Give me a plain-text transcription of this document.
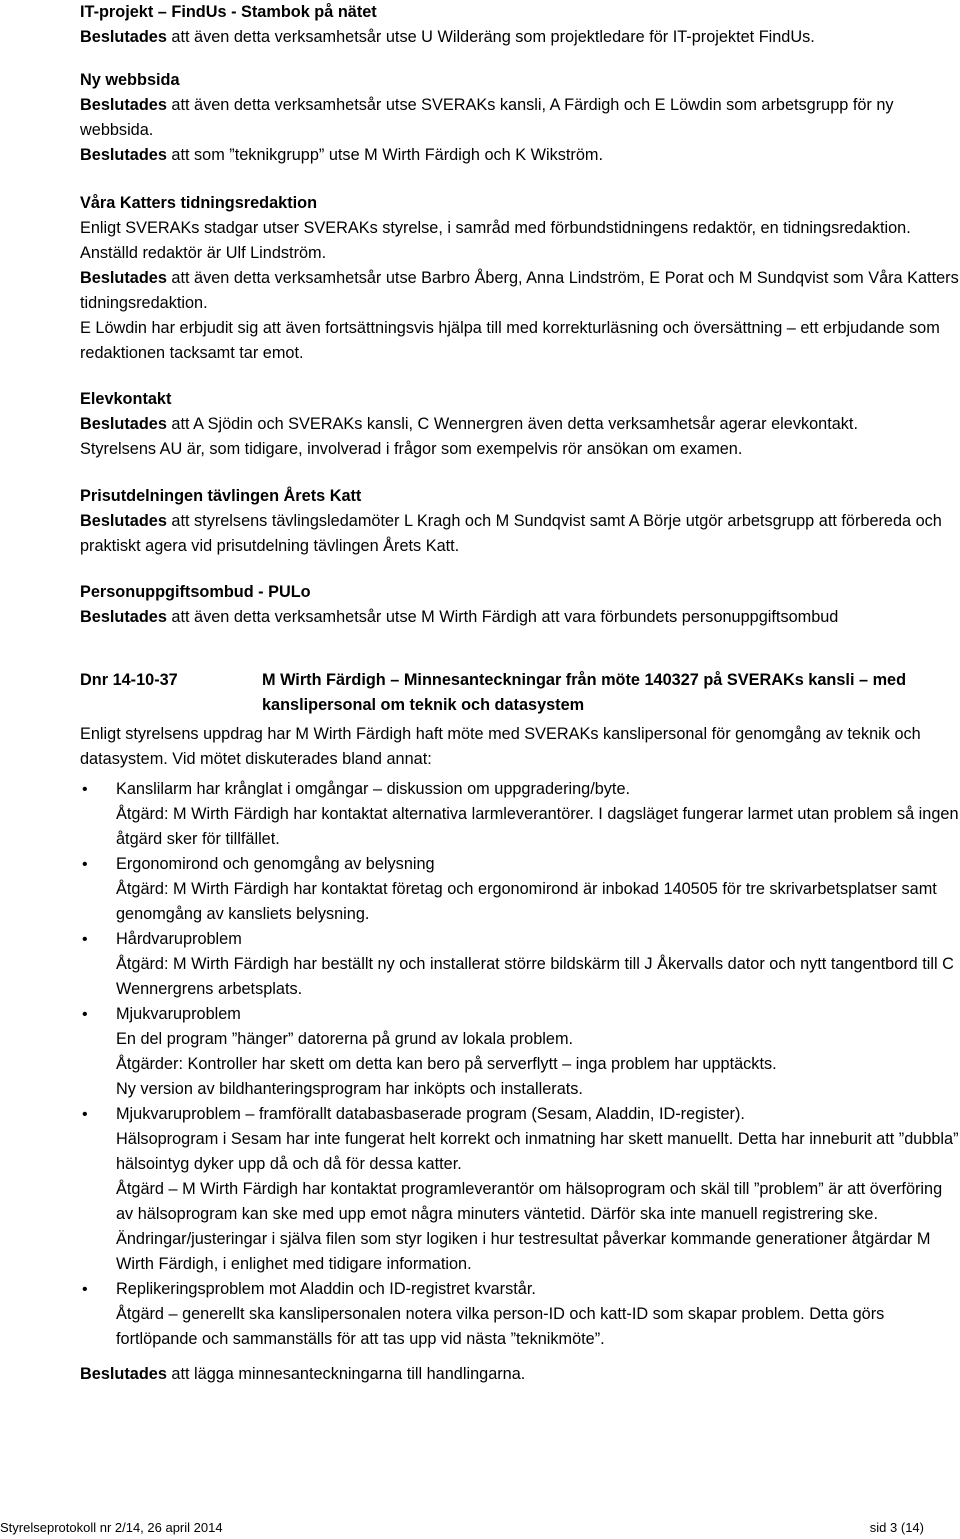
IT-projekt – FindUs - Stambok på nätet

Beslutades att även detta verksamhetsår utse U Wilderäng som projektledare för IT-projektet FindUs.

Ny webbsida

Beslutades att även detta verksamhetsår utse SVERAKs kansli, A Färdigh och E Löwdin som arbetsgrupp för ny webbsida.

Beslutades att som ”teknikgrupp” utse M Wirth Färdigh och K Wikström.

Våra Katters tidningsredaktion

Enligt SVERAKs stadgar utser SVERAKs styrelse, i samråd med förbundstidningens redaktör, en tidningsredaktion. Anställd redaktör är Ulf Lindström.

Beslutades att även detta verksamhetsår utse Barbro Åberg, Anna Lindström, E Porat och M Sundqvist som Våra Katters tidningsredaktion.

E Löwdin har erbjudit sig att även fortsättningsvis hjälpa till med korrekturläsning och översättning – ett erbjudande som redaktionen tacksamt tar emot.

Elevkontakt

Beslutades att A Sjödin och SVERAKs kansli, C Wennergren även detta verksamhetsår agerar elevkontakt.

Styrelsens AU är, som tidigare, involverad i frågor som exempelvis rör ansökan om examen.

Prisutdelningen tävlingen Årets Katt

Beslutades att styrelsens tävlingsledamöter L Kragh och M Sundqvist samt A Börje utgör arbetsgrupp att förbereda och praktiskt agera vid prisutdelning tävlingen Årets Katt.

Personuppgiftsombud - PULo

Beslutades att även detta verksamhetsår utse M Wirth Färdigh att vara förbundets personuppgiftsombud

Dnr 14-10-37	M Wirth Färdigh – Minnesanteckningar från möte 140327 på SVERAKs kansli – med kanslipersonal om teknik och datasystem

Enligt styrelsens uppdrag har M Wirth Färdigh haft möte med SVERAKs kanslipersonal för genomgång av teknik och datasystem. Vid mötet diskuterades bland annat:

• Kanslilarm har krånglat i omgångar – diskussion om uppgradering/byte.

Åtgärd: M Wirth Färdigh har kontaktat alternativa larmleverantörer. I dagsläget fungerar larmet utan problem så ingen åtgärd sker för tillfället.

• Ergonomirond och genomgång av belysning

Åtgärd: M Wirth Färdigh har kontaktat företag och ergonomirond är inbokad 140505 för tre skrivarbetsplatser samt genomgång av kansliets belysning.

• Hårdvaruproblem

Åtgärd: M Wirth Färdigh har beställt ny och installerat större bildskärm till J Åkervalls dator och nytt tangentbord till C Wennergrens arbetsplats.

• Mjukvaruproblem

En del program ”hänger” datorerna på grund av lokala problem.

Åtgärder: Kontroller har skett om detta kan bero på serverflytt – inga problem har upptäckts.

Ny version av bildhanteringsprogram har inköpts och installerats.

• Mjukvaruproblem – framförallt databasbaserade program (Sesam, Aladdin, ID-register).

Hälsoprogram i Sesam har inte fungerat helt korrekt och inmatning har skett manuellt. Detta har inneburit att ”dubbla” hälsointyg dyker upp då och då för dessa katter.

Åtgärd – M Wirth Färdigh har kontaktat programleverantör om hälsoprogram och skäl till ”problem” är att överföring av hälsoprogram kan ske med upp emot några minuters väntetid. Därför ska inte manuell registrering ske. Ändringar/justeringar i själva filen som styr logiken i hur testresultat påverkar kommande generationer åtgärdar M Wirth Färdigh, i enlighet med tidigare information.

• Replikeringsproblem mot Aladdin och ID-registret kvarstår.

Åtgärd – generellt ska kanslipersonalen notera vilka person-ID och katt-ID som skapar problem. Detta görs fortlöpande och sammanställs för att tas upp vid nästa ”teknikmöte”.

Beslutades att lägga minnesanteckningarna till handlingarna.

Styrelseprotokoll nr 2/14, 26 april 2014	sid 3 (14)
